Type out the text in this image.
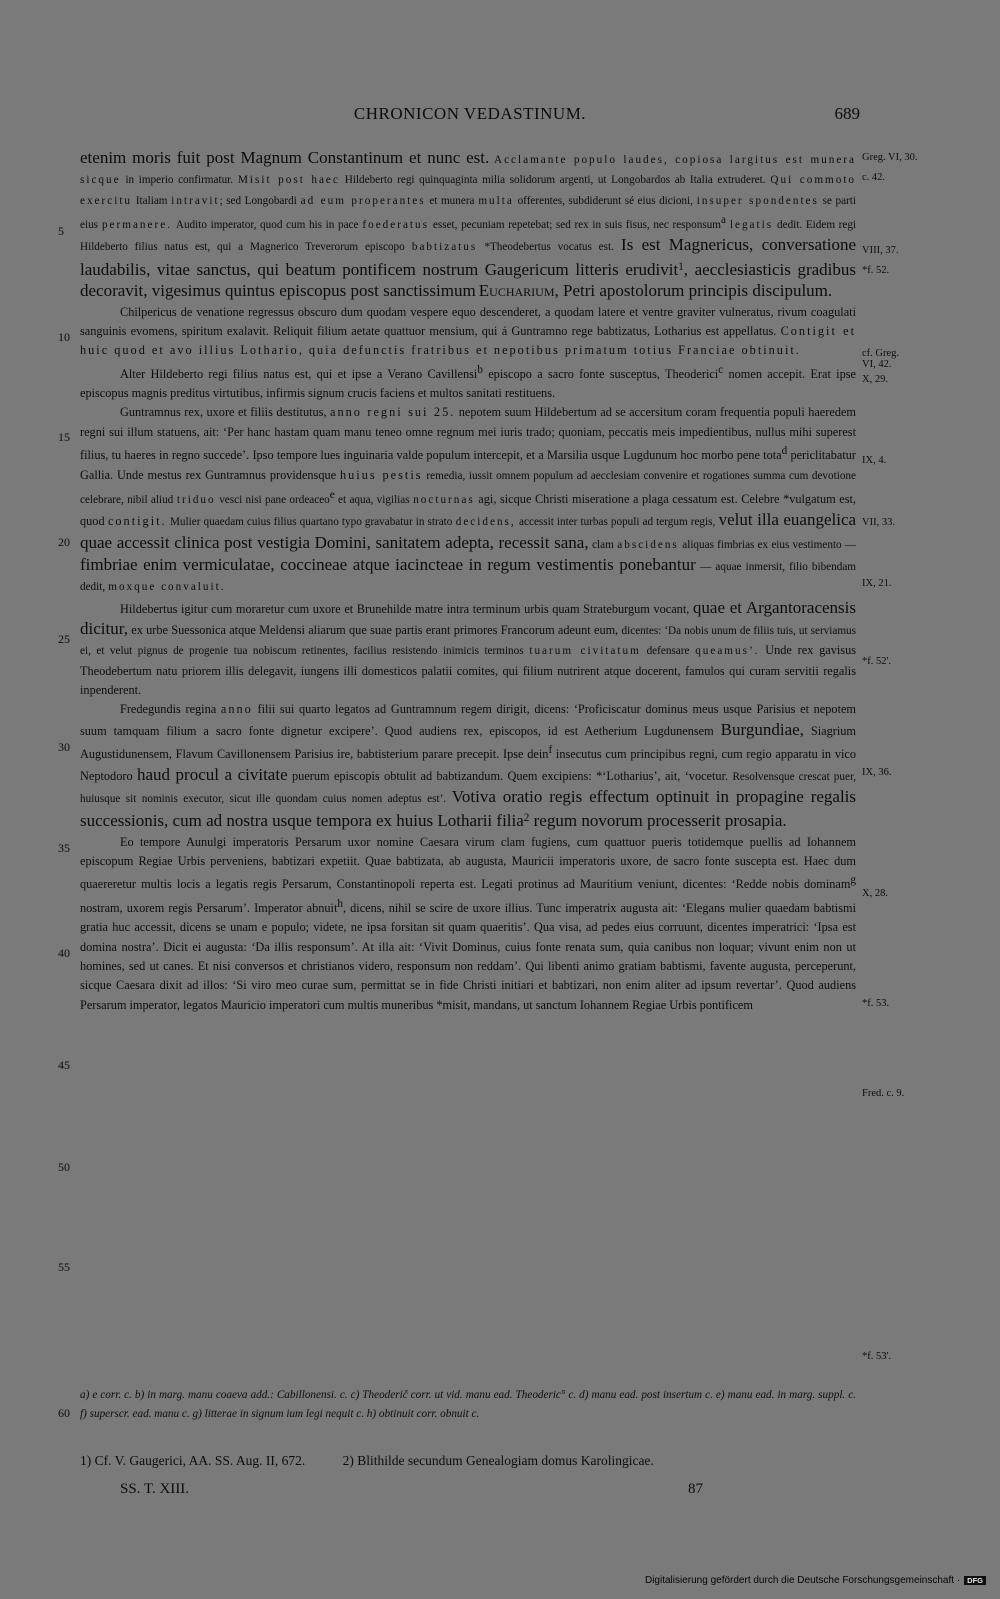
CHRONICON VEDASTINUM.	689

etenim moris fuit post Magnum Constantinum et nunc est. Acclamante populo laudes, copiosa largitus est munera sicque in imperio confirmatur. Misit post haec Hildeberto regi quinquaginta milia solidorum argenti, ut Longobardos ab Italia extruderet. Qui commoto exercitu Italiam intravit; sed Longobardi ad eum properantes et munera multa offerentes, subdiderunt sé eius dicioni, insuper spondentes se parti eius permanere. Audito imperator, quod cum his in pace foederatus esset, pecuniam repetebat; sed rex in suis fisus, nec responsum$^a$ legatis dedit. Eidem regi Hildeberto filius natus est, qui a Magnerico Treverorum episcopo babtizatus *Theodebertus vocatus est. Is est Magnericus, conversatione laudabilis, vitae sanctus, qui beatum pontificem nostrum Gaugericum litteris erudivit$^1$, aecclesiasticis gradibus decoravit, vigesimus quintus episcopus post sanctissimum Eucharium, Petri apostolorum principis discipulum.

Chilpericus de venatione regressus obscuro dum quodam vespere equo descenderet, a quodam latere et ventre graviter vulneratus, rivum coagulati sanguinis evomens, spiritum exalavit. Reliquit filium aetate quattuor mensium, qui á Guntramno rege babtizatus, Lotharius est appellatus. Contigit et huic quod et avo illius Lothario, quia defunctis fratribus et nepotibus primatum totius Franciae obtinuit.

Alter Hildeberto regi filius natus est, qui et ipse a Verano Cavillensi$^b$ episcopo a sacro fonte susceptus, Theoderici$^c$ nomen accepit. Erat ipse episcopus magnis preditus virtutibus, infirmis signum crucis faciens et multos sanitati restituens.

Guntramnus rex, uxore et filiis destitutus, anno regni sui 25. nepotem suum Hildebertum ad se accersitum coram frequentia populi haeredem regni sui illum statuens, ait: ‘Per hanc hastam quam manu teneo omne regnum mei iuris trado; quoniam, peccatis meis impedientibus, nullus mihi superest filius, tu haeres in regno succede’. Ipso tempore lues inguinaria valde populum intercepit, et a Marsilia usque Lugdunum hoc morbo pene tota$^d$ periclitabatur Gallia. Unde mestus rex Guntramnus providensque huius pestis remedia, iussit omnem populum ad aecclesiam convenire et rogationes summa cum devotione celebrare, nibil aliud triduo vesci nisi pane ordeaceo$^e$ et aqua, vigilias nocturnas agi, sicque Christi miseratione a plaga cessatum est. Celebre *vulgatum est, quod contigit. Mulier quaedam cuius filius quartano typo gravabatur in strato decidens, accessit inter turbas populi ad tergum regis, velut illa euangelica quae accessit clinica post vestigia Domini, sanitatem adepta, recessit sana, clam abscidens aliquas fimbrias ex eius vestimento — fimbriae enim vermiculatae, coccineae atque iacincteae in regum vestimentis ponebantur — aquae inmersit, filio bibendam dedit, moxque convaluit.

Hildebertus igitur cum moraretur cum uxore et Brunehilde matre intra terminum urbis quam Strateburgum vocant, quae et Argantoracensis dicitur, ex urbe Suessonica atque Meldensi aliarum que suae partis erant primores Francorum adeunt eum, dicentes: ‘Da nobis unum de filiis tuis, ut serviamus ei, et velut pignus de progenie tua nobiscum retinentes, facilius resistendo inimicis terminos tuarum civitatum defensare queamus’. Unde rex gavisus Theodebertum natu priorem illis delegavit, iungens illi domesticos palatii comites, qui filium nutrirent atque docerent, famulos qui curam servitii regalis inpenderent.

Fredegundis regina anno filii sui quarto legatos ad Guntramnum regem dirigit, dicens: ‘Proficiscatur dominus meus usque Parisius et nepotem suum tamquam filium a sacro fonte dignetur excipere’. Quod audiens rex, episcopos, id est Aetherium Lugdunensem Burgundiae, Siagrium Augustidunensem, Flavum Cavillonensem Parisius ire, babtisterium parare precepit. Ipse dein$^f$ insecutus cum principibus regni, cum regio apparatu in vico Neptodoro haud procul a civitate puerum episcopis obtulit ad babtizandum. Quem excipiens: *‘Lotharius’, ait, ‘vocetur. Resolvensque crescat puer, huiusque sit nominis executor, sicut ille quondam cuius nomen adeptus est’. Votiva oratio regis effectum optinuit in propagine regalis successionis, cum ad nostra usque tempora ex huius Lotharii filia$^2$ regum novorum processerit prosapia.

Eo tempore Aunulgi imperatoris Persarum uxor nomine Caesara virum clam fugiens, cum quattuor pueris totidemque puellis ad Iohannem episcopum Regiae Urbis perveniens, babtizari expetiit. Quae babtizata, ab augusta, Mauricii imperatoris uxore, de sacro fonte suscepta est. Haec dum quaereretur multis locis a legatis regis Persarum, Constantinopoli reperta est. Legati protinus ad Mauritium veniunt, dicentes: ‘Redde nobis dominam$^g$ nostram, uxorem regis Persarum’. Imperator abnuit$^h$, dicens, nihil se scire de uxore illius. Tunc imperatrix augusta ait: ‘Elegans mulier quaedam babtismi gratia huc accessit, dicens se unam e populo; videte, ne ipsa forsitan sit quam quaeritis’. Qua visa, ad pedes eius corruunt, dicentes imperatrici: ‘Ipsa est domina nostra’. Dicit ei augusta: ‘Da illis responsum’. At illa ait: ‘Vivit Dominus, cuius fonte renata sum, quia canibus non loquar; vivunt enim non ut homines, sed ut canes. Et nisi conversos et christianos videro, responsum non reddam’. Qui libenti animo gratiam babtismi, favente augusta, perceperunt, sicque Caesara dixit ad illos: ‘Si viro meo curae sum, permittat se in fide Christi initiari et babtizari, non enim aliter ad ipsum revertar’. Quod audiens Persarum imperator, legatos Mauricio imperatori cum multis muneribus *misit, mandans, ut sanctum Iohannem Regiae Urbis pontificem

5
10
15
20
25
30
35
40
45
50
55
60
Greg. VI, 30.
c. 42.
VIII, 37.
*f. 52.
cf. Greg.
VI, 42.
X, 29.
IX, 4.
VII, 33.
IX, 21.
*f. 52'.
IX, 36.
X, 28.
*f. 53.
Fred. c. 9.
*f. 53'.
a) e corr. c. b) in marg. manu coaeva add.: Cabillonensi. c. c) Theoderič corr. ut vid. manu ead. Theoderic° c. d) manu ead. post insertum c. e) manu ead. in marg. suppl. c. f) superscr. ead. manu c. g) litterae in signum ium legi nequit c. h) obtinuit corr. obnuit c.
1) Cf. V. Gaugerici, AA. SS. Aug. II, 672.	2) Blithilde secundum Genealogiam domus Karolingicae.
SS. T. XIII.	87
Digitalisierung gefördert durch die Deutsche Forschungsgemeinschaft · DFG
